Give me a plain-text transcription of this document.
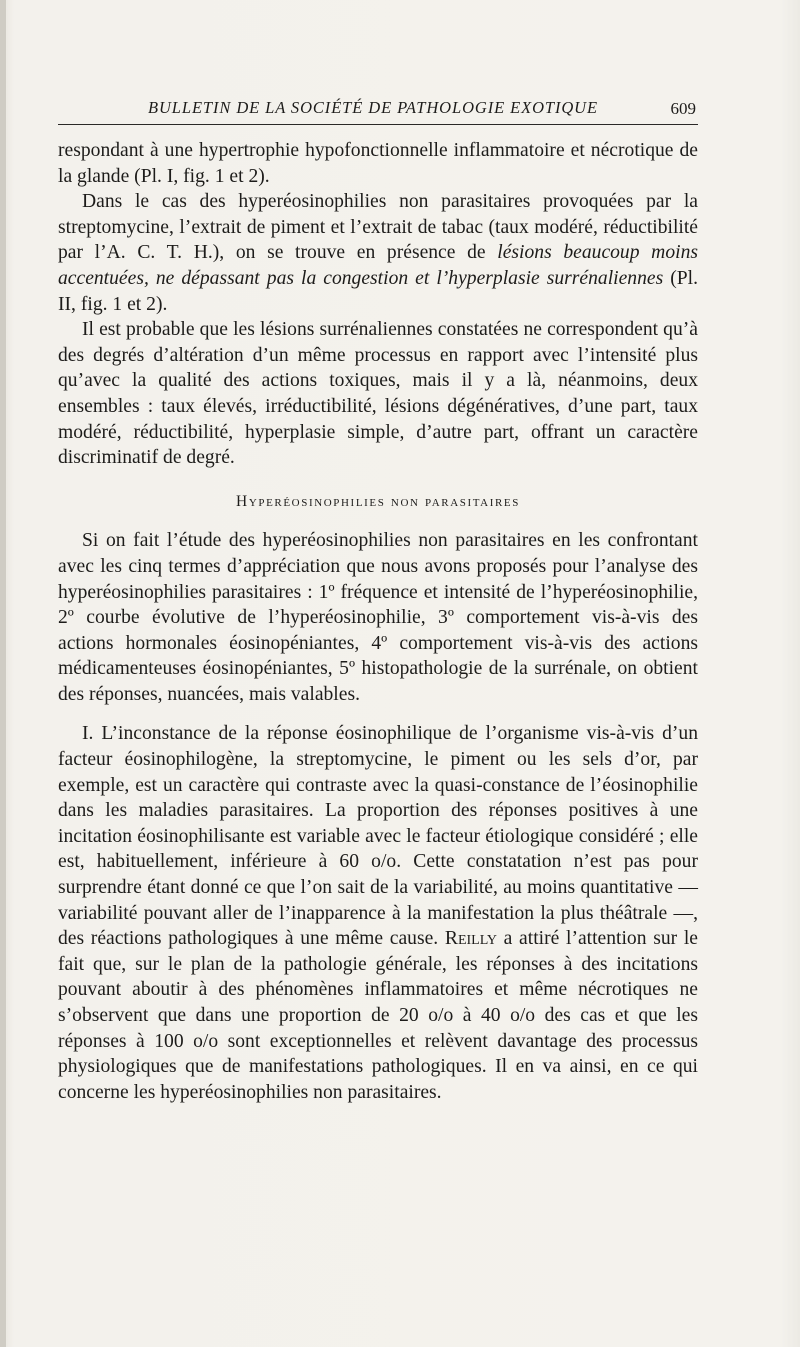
BULLETIN DE LA SOCIÉTÉ DE PATHOLOGIE EXOTIQUE	609

respondant à une hypertrophie hypofonctionnelle inflammatoire et nécrotique de la glande (Pl. I, fig. 1 et 2).

Dans le cas des hyperéosinophilies non parasitaires provoquées par la streptomycine, l’extrait de piment et l’extrait de tabac (taux modéré, réductibilité par l’A. C. T. H.), on se trouve en présence de lésions beaucoup moins accentuées, ne dépassant pas la congestion et l’hyperplasie surrénaliennes (Pl. II, fig. 1 et 2).

Il est probable que les lésions surrénaliennes constatées ne correspondent qu’à des degrés d’altération d’un même processus en rapport avec l’intensité plus qu’avec la qualité des actions toxiques, mais il y a là, néanmoins, deux ensembles : taux élevés, irréductibilité, lésions dégénératives, d’une part, taux modéré, réductibilité, hyperplasie simple, d’autre part, offrant un caractère discriminatif de degré.

Hyperéosinophilies non parasitaires

Si on fait l’étude des hyperéosinophilies non parasitaires en les confrontant avec les cinq termes d’appréciation que nous avons proposés pour l’analyse des hyperéosinophilies parasitaires : 1º fréquence et intensité de l’hyperéosinophilie, 2º courbe évolutive de l’hyperéosinophilie, 3º comportement vis-à-vis des actions hormonales éosinopéniantes, 4º comportement vis-à-vis des actions médicamenteuses éosinopéniantes, 5º histopathologie de la surrénale, on obtient des réponses, nuancées, mais valables.

I. L’inconstance de la réponse éosinophilique de l’organisme vis-à-vis d’un facteur éosinophilogène, la streptomycine, le piment ou les sels d’or, par exemple, est un caractère qui contraste avec la quasi-constance de l’éosinophilie dans les maladies parasitaires. La proportion des réponses positives à une incitation éosinophilisante est variable avec le facteur étiologique considéré ; elle est, habituellement, inférieure à 60 o/o. Cette constatation n’est pas pour surprendre étant donné ce que l’on sait de la variabilité, au moins quantitative — variabilité pouvant aller de l’inapparence à la manifestation la plus théâtrale —, des réactions pathologiques à une même cause. Reilly a attiré l’attention sur le fait que, sur le plan de la pathologie générale, les réponses à des incitations pouvant aboutir à des phénomènes inflammatoires et même nécrotiques ne s’observent que dans une proportion de 20 o/o à 40 o/o des cas et que les réponses à 100 o/o sont exceptionnelles et relèvent davantage des processus physiologiques que de manifestations pathologiques. Il en va ainsi, en ce qui concerne les hyperéosinophilies non parasitaires.
